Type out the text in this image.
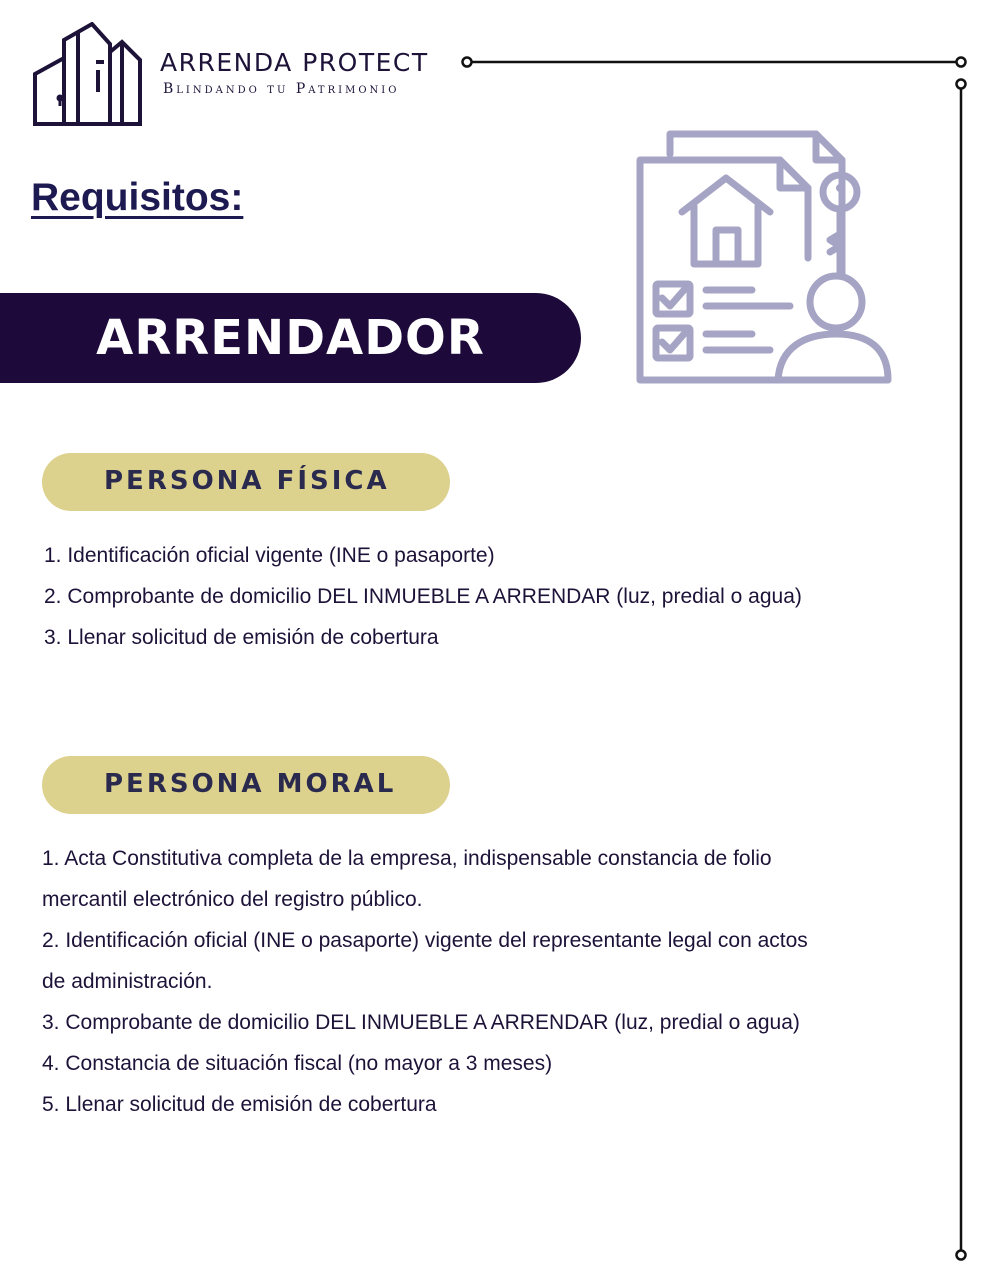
ARRENDA PROTECT
Blindando tu Patrimonio
Requisitos:
ARRENDADOR
PERSONA FÍSICA
1. Identificación oficial vigente (INE o pasaporte)
2. Comprobante de domicilio DEL INMUEBLE A ARRENDAR (luz, predial o agua)
3. Llenar solicitud de emisión de cobertura
PERSONA MORAL
1. Acta Constitutiva completa de la empresa, indispensable constancia de folio
mercantil electrónico del registro público.
2. Identificación oficial (INE o pasaporte) vigente del representante legal con actos
de administración.
3. Comprobante de domicilio DEL INMUEBLE A ARRENDAR (luz, predial o agua)
4. Constancia de situación fiscal (no mayor a 3 meses)
5. Llenar solicitud de emisión de cobertura
